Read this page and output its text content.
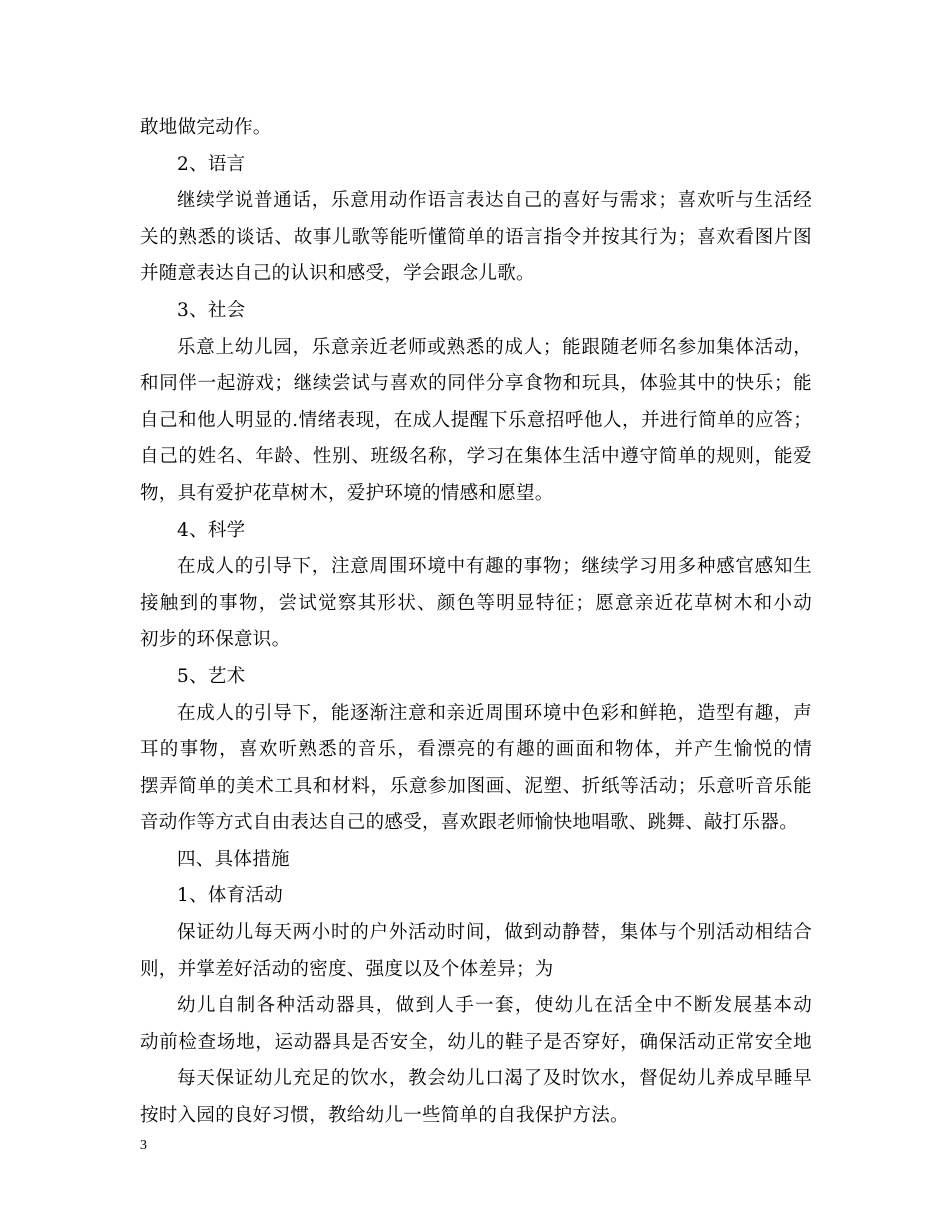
敢地做完动作。
2、语言
继续学说普通话，乐意用动作语言表达自己的喜好与需求；喜欢听与生活经
关的熟悉的谈话、故事儿歌等能听懂简单的语言指令并按其行为；喜欢看图片图
并随意表达自己的认识和感受，学会跟念儿歌。
3、社会
乐意上幼儿园，乐意亲近老师或熟悉的成人；能跟随老师名参加集体活动，
和同伴一起游戏；继续尝试与喜欢的同伴分享食物和玩具，体验其中的快乐；能
自己和他人明显的.情绪表现，在成人提醒下乐意招呼他人，并进行简单的应答；
自己的姓名、年龄、性别、班级名称，学习在集体生活中遵守简单的规则，能爱
物，具有爱护花草树木，爱护环境的情感和愿望。
4、科学
在成人的引导下，注意周围环境中有趣的事物；继续学习用多种感官感知生
接触到的事物，尝试觉察其形状、颜色等明显特征；愿意亲近花草树木和小动
初步的环保意识。
5、艺术
在成人的引导下，能逐渐注意和亲近周围环境中色彩和鲜艳，造型有趣，声
耳的事物，喜欢听熟悉的音乐，看漂亮的有趣的画面和物体，并产生愉悦的情
摆弄简单的美术工具和材料，乐意参加图画、泥塑、折纸等活动；乐意听音乐能
音动作等方式自由表达自己的感受，喜欢跟老师愉快地唱歌、跳舞、敲打乐器。
四、具体措施
1、体育活动
保证幼儿每天两小时的户外活动时间，做到动静替，集体与个别活动相结合
则，并掌差好活动的密度、强度以及个体差异；为
幼儿自制各种活动器具，做到人手一套，使幼儿在活全中不断发展基本动
动前检查场地，运动器具是否安全，幼儿的鞋子是否穿好，确保活动正常安全地
每天保证幼儿充足的饮水，教会幼儿口渴了及时饮水，督促幼儿养成早睡早
按时入园的良好习惯，教给幼儿一些简单的自我保护方法。
3
